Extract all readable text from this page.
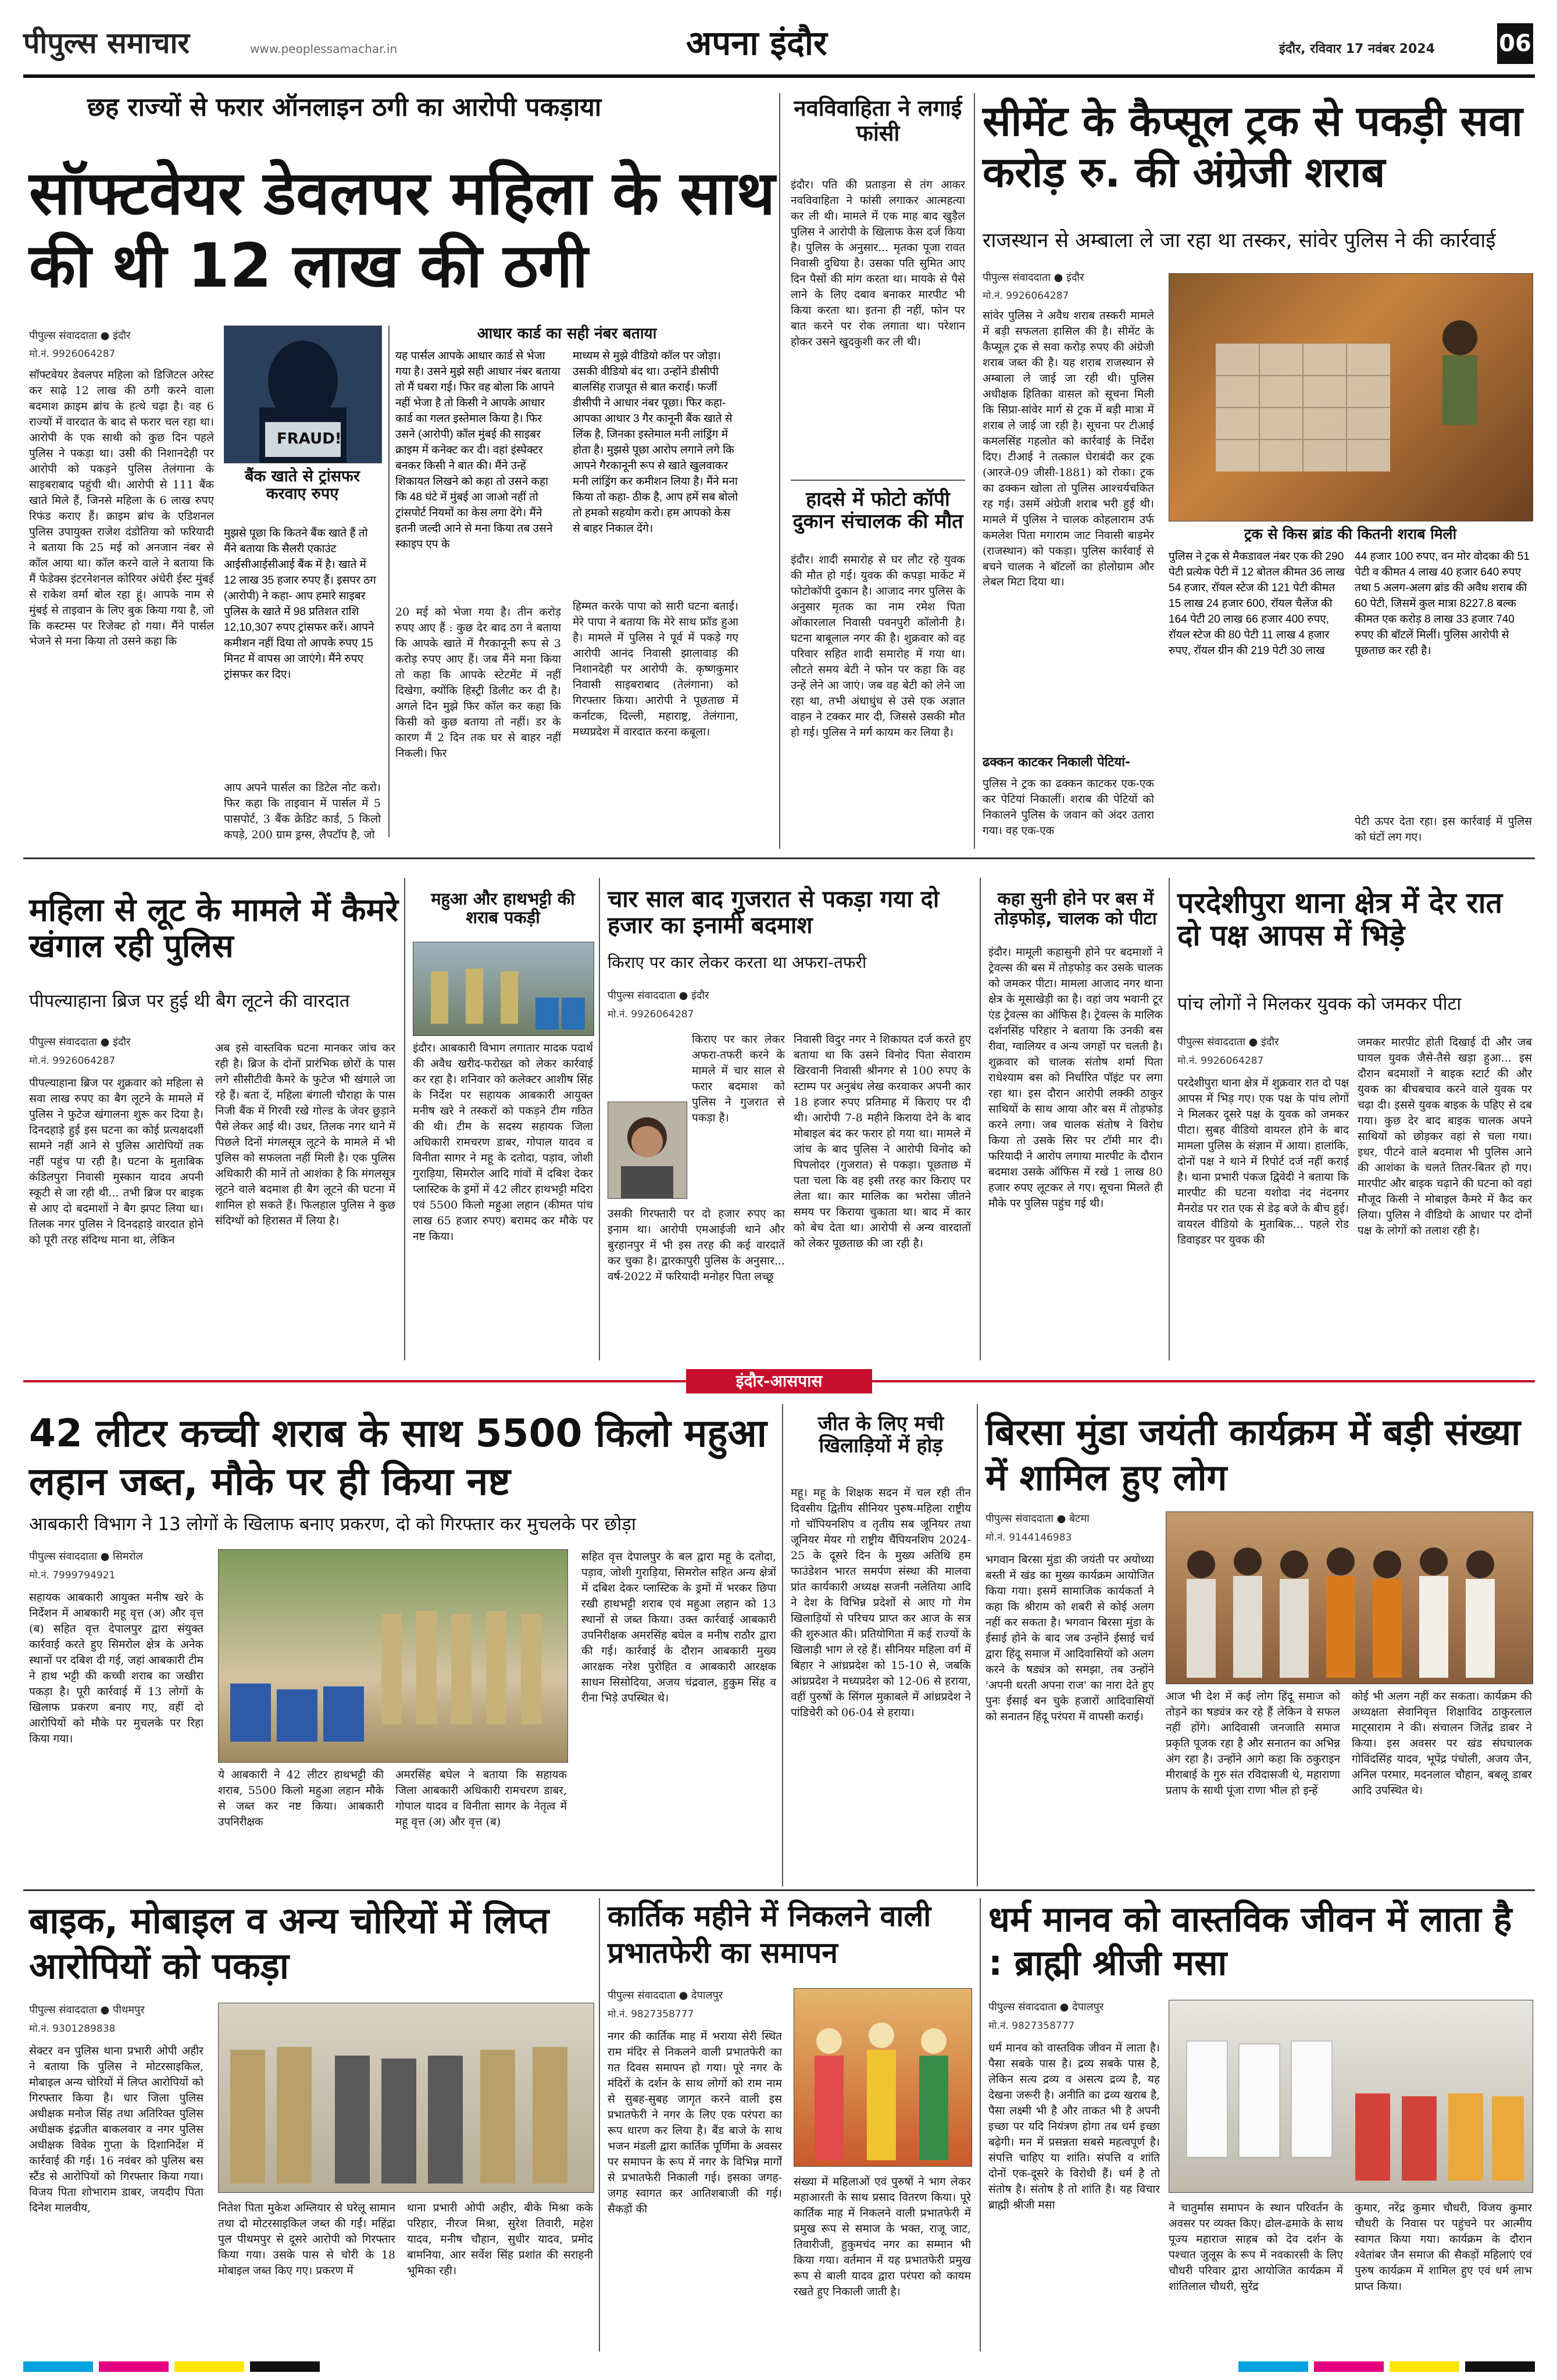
पीपुल्स समाचार	www.peoplessamachar.in	अपना इंदौर	इंदौर, रविवार 17 नवंबर 2024	06
छह राज्यों से फरार ऑनलाइन ठगी का आरोपी पकड़ाया
सॉफ्टवेयर डेवलपर महिला के साथ की थी 12 लाख की ठगी
पीपुल्स संवाददाता ● इंदौर
मो.नं. 9926064287
सॉफ्टवेयर डेवलपर महिला को डिजिटल अरेस्ट कर साढ़े 12 लाख की ठगी करने वाला बदमाश क्राइम ब्रांच के हत्थे चढ़ा है। वह 6 राज्यों में वारदात के बाद से फरार चल रहा था। आरोपी के एक साथी को कुछ दिन पहले पुलिस ने पकड़ा था। उसी की निशानदेही पर आरोपी को पकड़ने पुलिस तेलंगाना के साइबराबाद पहुंची थी। आरोपी से 111 बैंक खाते मिले हैं, जिनसे महिला के 6 लाख रुपए रिफंड कराए हैं। क्राइम ब्रांच के एडिशनल पुलिस उपायुक्त राजेश दंडोतिया को फरियादी ने बताया कि 25 मई को अनजान नंबर से कॉल आया था। कॉल करने वाले ने बताया कि मैं फेडेक्स इंटरनेशनल कोरियर अंधेरी ईस्ट मुंबई से राकेश वर्मा बोल रहा हूं। आपके नाम से मुंबई से ताइवान के लिए बुक किया गया है, जो कि कस्टम्स पर रिजेक्ट हो गया। मैंने पार्सल भेजने से मना किया तो उसने कहा कि
FRAUD!
बैंक खाते से ट्रांसफर करवाए रुपए
मुझसे पूछा कि कितने बैंक खाते हैं तो मैंने बताया कि सैलरी एकाउंट आईसीआईसीआई बैंक में है। खाते में 12 लाख 35 हजार रुपए हैं। इसपर ठग (आरोपी) ने कहा- आप हमारे साइबर पुलिस के खाते में 98 प्रतिशत राशि 12,10,307 रुपए ट्रांसफर करें। आपने कमीशन नहीं दिया तो आपके रुपए 15 मिनट में वापस आ जाएंगे। मैंने रुपए ट्रांसफर कर दिए।
आप अपने पार्सल का डिटेल नोट करो। फिर कहा कि ताइवान में पार्सल में 5 पासपोर्ट, 3 बैंक क्रेडिट कार्ड, 5 किलो कपड़े, 200 ग्राम ड्रग्स, लैपटॉप है, जो
आधार कार्ड का सही नंबर बताया
यह पार्सल आपके आधार कार्ड से भेजा गया है। उसने मुझे सही आधार नंबर बताया तो मैं घबरा गई। फिर वह बोला कि आपने नहीं भेजा है तो किसी ने आपके आधार कार्ड का गलत इस्तेमाल किया है। फिर उसने (आरोपी) कॉल मुंबई की साइबर क्राइम में कनेक्ट कर दी। वहां इंस्पेक्टर बनकर किसी ने बात की। मैंने उन्हें शिकायत लिखने को कहा तो उसने कहा कि 48 घंटे में मुंबई आ जाओ नहीं तो ट्रांसपोर्ट नियमों का केस लगा देंगे। मैंने इतनी जल्दी आने से मना किया तब उसने स्काइप एप के
20 मई को भेजा गया है। तीन करोड़ रुपए आए हैं : कुछ देर बाद ठग ने बताया कि आपके खाते में गैरकानूनी रूप से 3 करोड़ रुपए आए हैं। जब मैंने मना किया तो कहा कि आपके स्टेटमेंट में नहीं दिखेगा, क्योंकि हिस्ट्री डिलीट कर दी है। अगले दिन मुझे फिर कॉल कर कहा कि किसी को कुछ बताया तो नहीं। डर के कारण मैं 2 दिन तक घर से बाहर नहीं निकली। फिर
माध्यम से मुझे वीडियो कॉल पर जोड़ा। उसकी वीडियो बंद था। उन्होंने डीसीपी बालसिंह राजपूत से बात कराई। फर्जी डीसीपी ने आधार नंबर पूछा। फिर कहा- आपका आधार 3 गैर कानूनी बैंक खाते से लिंक है, जिनका इस्तेमाल मनी लांड्रिंग में होता है। मुझसे पूछा आरोप लगाने लगे कि आपने गैरकानूनी रूप से खाते खुलवाकर मनी लांड्रिंग कर कमीशन लिया है। मैंने मना किया तो कहा- ठीक है, आप हमें सब बोलो तो हमको सहयोग करो। हम आपको केस से बाहर निकाल देंगे।
हिम्मत करके पापा को सारी घटना बताई। मेरे पापा ने बताया कि मेरे साथ फ्रॉड हुआ है। मामले में पुलिस ने पूर्व में पकड़े गए आरोपी आनंद निवासी झालावाड़ की निशानदेही पर आरोपी के. कृष्णकुमार निवासी साइबराबाद (तेलंगाना) को गिरफ्तार किया। आरोपी ने पूछताछ में कर्नाटक, दिल्ली, महाराष्ट्र, तेलंगाना, मध्यप्रदेश में वारदात करना कबूला।
नवविवाहिता ने लगाई फांसी
इंदौर। पति की प्रताड़ना से तंग आकर नवविवाहिता ने फांसी लगाकर आत्महत्या कर ली थी। मामले में एक माह बाद खुड़ैल पुलिस ने आरोपी के खिलाफ केस दर्ज किया है। पुलिस के अनुसार... मृतका पूजा रावत निवासी दुधिया है। उसका पति सुमित आए दिन पैसों की मांग करता था। मायके से पैसे लाने के लिए दबाव बनाकर मारपीट भी किया करता था। इतना ही नहीं, फोन पर बात करने पर रोक लगाता था। परेशान होकर उसने खुदकुशी कर ली थी।
हादसे में फोटो कॉपी दुकान संचालक की मौत
इंदौर। शादी समारोह से घर लौट रहे युवक की मौत हो गई। युवक की कपड़ा मार्केट में फोटोकॉपी दुकान है। आजाद नगर पुलिस के अनुसार मृतक का नाम रमेश पिता ओंकारलाल निवासी पवनपुरी कॉलोनी है। घटना बाबूलाल नगर की है। शुक्रवार को वह परिवार सहित शादी समारोह में गया था। लौटते समय बेटी ने फोन पर कहा कि वह उन्हें लेने आ जाएं। जब वह बेटी को लेने जा रहा था, तभी अंधाधुंध से उसे एक अज्ञात वाहन ने टक्कर मार दी, जिससे उसकी मौत हो गई। पुलिस ने मर्ग कायम कर लिया है।
सीमेंट के कैप्सूल ट्रक से पकड़ी सवा करोड़ रु. की अंग्रेजी शराब
राजस्थान से अम्बाला ले जा रहा था तस्कर, सांवेर पुलिस ने की कार्रवाई
पीपुल्स संवाददाता ● इंदौर
मो.नं. 9926064287
सांवेर पुलिस ने अवैध शराब तस्करी मामले में बड़ी सफलता हासिल की है। सीमेंट के कैप्सूल ट्रक से सवा करोड़ रुपए की अंग्रेजी शराब जब्त की है। यह शराब राजस्थान से अम्बाला ले जाई जा रही थी। पुलिस अधीक्षक हितिका वासल को सूचना मिली कि सिप्रा-सांवेर मार्ग से ट्रक में बड़ी मात्रा में शराब ले जाई जा रही है। सूचना पर टीआई कमलसिंह गहलोत को कार्रवाई के निर्देश दिए। टीआई ने तत्काल घेराबंदी कर ट्रक (आरजे-09 जीसी-1881) को रोका। ट्रक का ढक्कन खोला तो पुलिस आश्चर्यचकित रह गई। उसमें अंग्रेजी शराब भरी हुई थी। मामले में पुलिस ने चालक कोहलाराम उर्फ कमलेश पिता मगाराम जाट निवासी बाड़मेर (राजस्थान) को पकड़ा। पुलिस कार्रवाई से बचने चालक ने बॉटलों का होलोग्राम और लेबल मिटा दिया था।
ढक्कन काटकर निकाली पेटियां-
पुलिस ने ट्रक का ढक्कन काटकर एक-एक कर पेटियां निकालीं। शराब की पेटियों को निकालने पुलिस के जवान को अंदर उतारा गया। वह एक-एक
ट्रक से किस ब्रांड की कितनी शराब मिली
पुलिस ने ट्रक से मैकडावल नंबर एक की 290 पेटी प्रत्येक पेटी में 12 बोतल कीमत 36 लाख 54 हजार, रॉयल स्टेज की 121 पेटी कीमत 15 लाख 24 हजार 600, रॉयल चैलेंज की 164 पेटी 20 लाख 66 हजार 400 रुपए, रॉयल स्टेज की 80 पेटी 11 लाख 4 हजार रुपए, रॉयल ग्रीन की 219 पेटी 30 लाख
44 हजार 100 रुपए, वन मोर वोदका की 51 पेटी व कीमत 4 लाख 40 हजार 640 रुपए तथा 5 अलग-अलग ब्रांड की अवैध शराब की 60 पेटी, जिसमें कुल मात्रा 8227.8 बल्क कीमत एक करोड़ 8 लाख 33 हजार 740 रुपए की बॉटलें मिलीं। पुलिस आरोपी से पूछताछ कर रही है।
पेटी ऊपर देता रहा। इस कार्रवाई में पुलिस को घंटों लग गए।
महिला से लूट के मामले में कैमरे खंगाल रही पुलिस
पीपल्याहाना ब्रिज पर हुई थी बैग लूटने की वारदात
पीपुल्स संवाददाता ● इंदौर
मो.नं. 9926064287
पीपल्याहाना ब्रिज पर शुक्रवार को महिला से सवा लाख रुपए का बैग लूटने के मामले में पुलिस ने फुटेज खंगालना शुरू कर दिया है। दिनदहाड़े हुई इस घटना का कोई प्रत्यक्षदर्शी सामने नहीं आने से पुलिस आरोपियों तक नहीं पहुंच पा रही है। घटना के मुताबिक कंडिलपुरा निवासी मुस्कान यादव अपनी स्कूटी से जा रही थी... तभी ब्रिज पर बाइक से आए दो बदमाशों ने बैग झपट लिया था। तिलक नगर पुलिस ने दिनदहाड़े वारदात होने को पूरी तरह संदिग्ध माना था, लेकिन
अब इसे वास्तविक घटना मानकर जांच कर रही है। ब्रिज के दोनों प्रारंभिक छोरों के पास लगे सीसीटीवी कैमरे के फुटेज भी खंगाले जा रहे हैं। बता दें, महिला बंगाली चौराहा के पास निजी बैंक में गिरवी रखे गोल्ड के जेवर छुड़ाने पैसे लेकर आई थी। उधर, तिलक नगर थाने में पिछले दिनों मंगलसूत्र लूटने के मामले में भी पुलिस को सफलता नहीं मिली है। एक पुलिस अधिकारी की मानें तो आशंका है कि मंगलसूत्र लूटने वाले बदमाश ही बैग लूटने की घटना में शामिल हो सकते हैं। फिलहाल पुलिस ने कुछ संदिग्धों को हिरासत में लिया है।
महुआ और हाथभट्टी की शराब पकड़ी
इंदौर। आबकारी विभाग लगातार मादक पदार्थ की अवैध खरीद-फरोख्त को लेकर कार्रवाई कर रहा है। शनिवार को कलेक्टर आशीष सिंह के निर्देश पर सहायक आबकारी आयुक्त मनीष खरे ने तस्करों को पकड़ने टीम गठित की थी। टीम के सदस्य सहायक जिला अधिकारी रामचरण डाबर, गोपाल यादव व विनीता सागर ने महू के दतोदा, पड़ाव, जोशी गुराड़िया, सिमरोल आदि गांवों में दबिश देकर प्लास्टिक के ड्रमों में 42 लीटर हाथभट्टी मदिरा एवं 5500 किलो महुआ लहान (कीमत पांच लाख 65 हजार रुपए) बरामद कर मौके पर नष्ट किया।
चार साल बाद गुजरात से पकड़ा गया दो हजार का इनामी बदमाश
किराए पर कार लेकर करता था अफरा-तफरी
पीपुल्स संवाददाता ● इंदौर
मो.नं. 9926064287
किराए पर कार लेकर अफरा-तफरी करने के मामले में चार साल से फरार बदमाश को पुलिस ने गुजरात से पकड़ा है।
उसकी गिरफ्तारी पर दो हजार रुपए का इनाम था। आरोपी एमआईजी थाने और बुरहानपुर में भी इस तरह की कई वारदातें कर चुका है। द्वारकापुरी पुलिस के अनुसार... वर्ष-2022 में फरियादी मनोहर पिता लच्छू
निवासी विदुर नगर ने शिकायत दर्ज करते हुए बताया था कि उसने विनोद पिता सेवाराम खिरवानी निवासी श्रीनगर से 100 रुपए के स्टाम्प पर अनुबंध लेख करवाकर अपनी कार 18 हजार रुपए प्रतिमाह में किराए पर दी थी। आरोपी 7-8 महीने किराया देने के बाद मोबाइल बंद कर फरार हो गया था। मामले में जांच के बाद पुलिस ने आरोपी विनोद को पिपलोदर (गुजरात) से पकड़ा। पूछताछ में पता चला कि वह इसी तरह कार किराए पर लेता था। कार मालिक का भरोसा जीतने समय पर किराया चुकाता था। बाद में कार को बेच देता था। आरोपी से अन्य वारदातों को लेकर पूछताछ की जा रही है।
कहा सुनी होने पर बस में तोड़फोड़, चालक को पीटा
इंदौर। मामूली कहासुनी होने पर बदमाशों ने ट्रेवल्स की बस में तोड़फोड़ कर उसके चालक को जमकर पीटा। मामला आजाद नगर थाना क्षेत्र के मूसाखेड़ी का है। वहां जय भवानी टूर एंड ट्रेवल्स का ऑफिस है। ट्रेवल्स के मालिक दर्शनसिंह परिहार ने बताया कि उनकी बस रीवा, ग्वालियर व अन्य जगहों पर चलती है। शुक्रवार को चालक संतोष शर्मा पिता राधेश्याम बस को निर्धारित पॉइंट पर लगा रहा था। इस दौरान आरोपी लक्की ठाकुर साथियों के साथ आया और बस में तोड़फोड़ करने लगा। जब चालक संतोष ने विरोध किया तो उसके सिर पर टॉमी मार दी। फरियादी ने आरोप लगाया मारपीट के दौरान बदमाश उसके ऑफिस में रखे 1 लाख 80 हजार रुपए लूटकर ले गए। सूचना मिलते ही मौके पर पुलिस पहुंच गई थी।
परदेशीपुरा थाना क्षेत्र में देर रात दो पक्ष आपस में भिड़े
पांच लोगों ने मिलकर युवक को जमकर पीटा
पीपुल्स संवाददाता ● इंदौर
मो.नं. 9926064287
परदेशीपुरा थाना क्षेत्र में शुक्रवार रात दो पक्ष आपस में भिड़ गए। एक पक्ष के पांच लोगों ने मिलकर दूसरे पक्ष के युवक को जमकर पीटा। सुबह वीडियो वायरल होने के बाद मामला पुलिस के संज्ञान में आया। हालांकि, दोनों पक्ष ने थाने में रिपोर्ट दर्ज नहीं कराई है। थाना प्रभारी पंकज द्विवेदी ने बताया कि मारपीट की घटना यशोदा नंद नंदनगर मैनरोड पर रात एक से डेढ़ बजे के बीच हुई। वायरल वीडियो के मुताबिक... पहले रोड डिवाइडर पर युवक की
जमकर मारपीट होती दिखाई दी और जब घायल युवक जैसे-तैसे खड़ा हुआ... इस दौरान बदमाशों ने बाइक स्टार्ट की और युवक का बीचबचाव करने वाले युवक पर चढ़ा दी। इससे युवक बाइक के पहिए से दब गया। कुछ देर बाद बाइक चालक अपने साथियों को छोड़कर वहां से चला गया। इधर, पीटने वाले बदमाश भी पुलिस आने की आशंका के चलते तितर-बितर हो गए। मारपीट और बाइक चढ़ाने की घटना को वहां मौजूद किसी ने मोबाइल कैमरे में कैद कर लिया। पुलिस ने वीडियो के आधार पर दोनों पक्ष के लोगों को तलाश रही है।
इंदौर-आसपास
42 लीटर कच्ची शराब के साथ 5500 किलो महुआ लहान जब्त, मौके पर ही किया नष्ट
आबकारी विभाग ने 13 लोगों के खिलाफ बनाए प्रकरण, दो को गिरफ्तार कर मुचलके पर छोड़ा
पीपुल्स संवाददाता ● सिमरोल
मो.नं. 7999794921
सहायक आबकारी आयुक्त मनीष खरे के निर्देशन में आबकारी महू वृत्त (अ) और वृत्त (ब) सहित वृत्त देपालपुर द्वारा संयुक्त कार्रवाई करते हुए सिमरोल क्षेत्र के अनेक स्थानों पर दबिश दी गई, जहां आबकारी टीम ने हाथ भट्टी की कच्ची शराब का जखीरा पकड़ा है। पूरी कार्रवाई में 13 लोगों के खिलाफ प्रकरण बनाए गए, वहीं दो आरोपियों को मौके पर मुचलके पर रिहा किया गया।
ये आबकारी ने 42 लीटर हाथभट्टी की शराब, 5500 किलो महुआ लहान मौके से जब्त कर नष्ट किया। आबकारी उपनिरीक्षक
अमरसिंह बघेल ने बताया कि सहायक जिला आबकारी अधिकारी रामचरण डाबर, गोपाल यादव व विनीता सागर के नेतृत्व में महू वृत्त (अ) और वृत्त (ब)
सहित वृत्त देपालपुर के बल द्वारा महू के दतोदा, पड़ाव, जोशी गुराड़िया, सिमरोल सहित अन्य क्षेत्रों में दबिश देकर प्लास्टिक के ड्रमों में भरकर छिपा रखी हाथभट्टी शराब एवं महुआ लहान को 13 स्थानों से जब्त किया। उक्त कार्रवाई आबकारी उपनिरीक्षक अमरसिंह बघेल व मनीष राठौर द्वारा की गई। कार्रवाई के दौरान आबकारी मुख्य आरक्षक नरेश पुरोहित व आबकारी आरक्षक साधन सिसोदिया, अजय चंद्रवाल, हुकुम सिंह व रीना भिड़े उपस्थित थे।
जीत के लिए मची खिलाड़ियों में होड़
महू। महू के शिक्षक सदन में चल रही तीन दिवसीय द्वितीय सीनियर पुरुष-महिला राष्ट्रीय गो चॉपियनशिप व तृतीय सब जूनियर तथा जूनियर मेयर गो राष्ट्रीय चैंपियनशिप 2024-25 के दूसरे दिन के मुख्य अतिथि हम फाउंडेशन भारत समर्पण संस्था की मालवा प्रांत कार्यकारी अध्यक्ष सजनी नलेतिया आदि ने देश के विभिन्न प्रदेशों से आए गो गेम खिलाड़ियों से परिचय प्राप्त कर आज के सत्र की शुरुआत की। प्रतियोगिता में कई राज्यों के खिलाड़ी भाग ले रहे हैं। सीनियर महिला वर्ग में बिहार ने आंध्रप्रदेश को 15-10 से, जबकि आंध्रप्रदेश ने मध्यप्रदेश को 12-06 से हराया, वहीं पुरुषों के सिंगल मुकाबले में आंध्रप्रदेश ने पांडिचेरी को 06-04 से हराया।
बिरसा मुंडा जयंती कार्यक्रम में बड़ी संख्या में शामिल हुए लोग
पीपुल्स संवाददाता ● बेटमा
मो.नं. 9144146983
भगवान बिरसा मुंडा की जयंती पर अयोध्या बस्ती में खंड का मुख्य कार्यक्रम आयोजित किया गया। इसमें सामाजिक कार्यकर्ता ने कहा कि श्रीराम को शबरी से कोई अलग नहीं कर सकता है। भगवान बिरसा मुंडा के ईसाई होने के बाद जब उन्होंने ईसाई चर्च द्वारा हिंदू समाज में आदिवासियों को अलग करने के षड्यंत्र को समझा, तब उन्होंने 'अपनी धरती अपना राज' का नारा देते हुए पुनः ईसाई बन चुके हजारों आदिवासियों को सनातन हिंदू परंपरा में वापसी कराई।
आज भी देश में कई लोग हिंदू समाज को तोड़ने का षड्यंत्र कर रहे हैं लेकिन वे सफल नहीं होंगे। आदिवासी जनजाति समाज प्रकृति पूजक रहा है और सनातन का अभिन्न अंग रहा है। उन्होंने आगे कहा कि ठकुराइन मीराबाई के गुरु संत रविदासजी थे, महाराणा प्रताप के साथी पूंजा राणा भील हो इन्हें
कोई भी अलग नहीं कर सकता। कार्यक्रम की अध्यक्षता सेवानिवृत्त शिक्षाविद ठाकुरलाल माट्साराम ने की। संचालन जितेंद्र डाबर ने किया। इस अवसर पर खंड संघचालक गोविंदसिंह यादव, भूपेंद्र पंचोली, अजय जैन, अनिल परमार, मदनलाल चौहान, बबलू डाबर आदि उपस्थित थे।
बाइक, मोबाइल व अन्य चोरियों में लिप्त आरोपियों को पकड़ा
पीपुल्स संवाददाता ● पीथमपुर
मो.नं. 9301289838
सेक्टर वन पुलिस थाना प्रभारी ओपी अहीर ने बताया कि पुलिस ने मोटरसाइकिल, मोबाइल अन्य चोरियों में लिप्त आरोपियों को गिरफ्तार किया है। धार जिला पुलिस अधीक्षक मनोज सिंह तथा अतिरिक्त पुलिस अधीक्षक इंद्रजीत बाकलवार व नगर पुलिस अधीक्षक विवेक गुप्ता के दिशानिर्देश में कार्रवाई की गई। 16 नवंबर को पुलिस बस स्टैंड से आरोपियों को गिरफ्तार किया गया। विजय पिता शोभाराम डाबर, जयदीप पिता दिनेश मालवीय,	नितेश पिता मुकेश अम्लियार से घरेलू सामान तथा दो मोटरसाइकिल जब्त की गईं। महिंद्रा पुल पीथमपुर से दूसरे आरोपी को गिरफ्तार किया गया। उसके पास से चोरी के 18 मोबाइल जब्त किए गए। प्रकरण में
थाना प्रभारी ओपी अहीर, बीके मिश्रा कके परिहार, नीरज मिश्रा, सुरेश तिवारी, महेश यादव, मनीष चौहान, सुधीर यादव, प्रमोद बामनिया, आर सर्वेश सिंह प्रशांत की सराहनी भूमिका रही।
कार्तिक महीने में निकलने वाली प्रभातफेरी का समापन
पीपुल्स संवाददाता ● देपालपुर
मो.नं. 9827358777
नगर की कार्तिक माह में भराया सेरी स्थित राम मंदिर से निकलने वाली प्रभातफेरी का गत दिवस समापन हो गया। पूरे नगर के मंदिरों के दर्शन के साथ लोगों को राम नाम से सुबह-सुबह जागृत करने वाली इस प्रभातफेरी ने नगर के लिए एक परंपरा का रूप धारण कर लिया है। बैंड बाजे के साथ भजन मंडली द्वारा कार्तिक पूर्णिमा के अवसर पर समापन के रूप में नगर के विभिन्न मार्गों से प्रभातफेरी निकाली गई। इसका जगह-जगह स्वागत कर आतिशबाजी की गई। सैकड़ों की
संख्या में महिलाओं एवं पुरुषों ने भाग लेकर महाआरती के साथ प्रसाद वितरण किया। पूरे कार्तिक माह में निकलने वाली प्रभातफेरी में प्रमुख रूप से समाज के भक्त, राजू जाट, तिवारीजी, हुकुमचंद नगर का सम्मान भी किया गया। वर्तमान में यह प्रभातफेरी प्रमुख रूप से बाली यादव द्वारा परंपरा को कायम रखते हुए निकाली जाती है।
धर्म मानव को वास्तविक जीवन में लाता है : ब्राह्मी श्रीजी मसा
पीपुल्स संवाददाता ● देपालपुर
मो.नं. 9827358777
धर्म मानव को वास्तविक जीवन में लाता है। पैसा सबके पास है। द्रव्य सबके पास है, लेकिन सत्य द्रव्य व असत्य द्रव्य है, यह देखना जरूरी है। अनीति का द्रव्य खराब है, पैसा लक्ष्मी भी है और ताकत भी है अपनी इच्छा पर यदि नियंत्रण होगा तब धर्म इच्छा बढ़ेगी। मन में प्रसन्नता सबसे महत्वपूर्ण है। संपत्ति चाहिए या शांति। संपत्ति व शांति दोनों एक-दूसरे के विरोधी हैं। धर्म है तो संतोष है। संतोष है तो शांति है। यह विचार ब्राह्मी श्रीजी मसा	ने चातुर्मास समापन के स्थान परिवर्तन के अवसर पर व्यक्त किए। ढोल-ढमाके के साथ पूज्य महाराज साहब को देव दर्शन के पश्चात जुलूस के रूप में नवकारसी के लिए चौधरी परिवार द्वारा आयोजित कार्यक्रम में शांतिलाल चौधरी, सुरेंद्र
कुमार, नरेंद्र कुमार चौधरी, विजय कुमार चौधरी के निवास पर पहुंचने पर आत्मीय स्वागत किया गया। कार्यक्रम के दौरान श्वेतांबर जैन समाज की सैकड़ों महिलाएं एवं पुरुष कार्यक्रम में शामिल हुए एवं धर्म लाभ प्राप्त किया।
